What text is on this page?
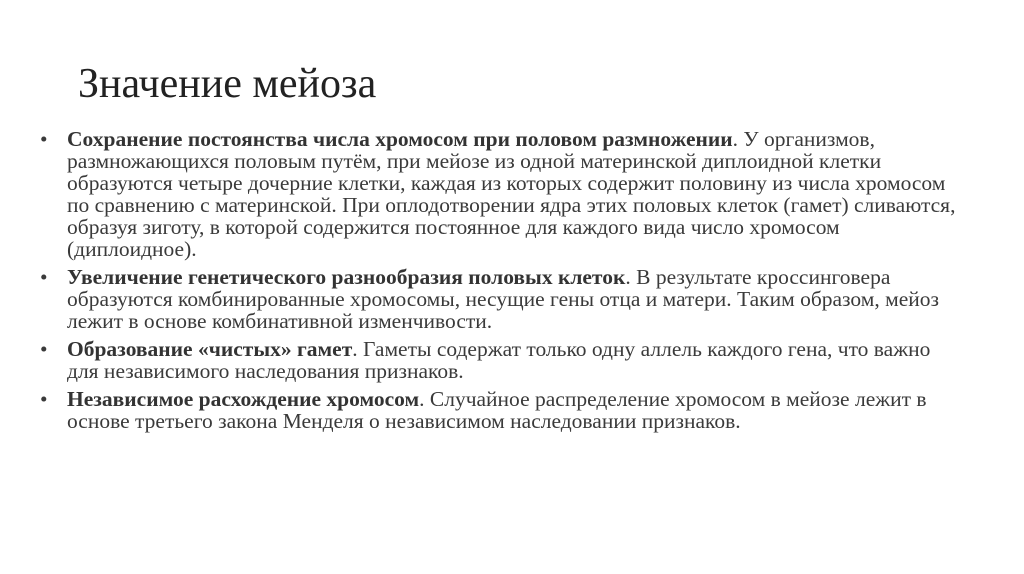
Значение мейоза
• Сохранение постоянства числа хромосом при половом размножении. У организмов, размножающихся половым путём, при мейозе из одной материнской диплоидной клетки образуются четыре дочерние клетки, каждая из которых содержит половину из числа хромосом по сравнению с материнской. При оплодотворении ядра этих половых клеток (гамет) сливаются, образуя зиготу, в которой содержится постоянное для каждого вида число хромосом (диплоидное).
• Увеличение генетического разнообразия половых клеток. В результате кроссинговера образуются комбинированные хромосомы, несущие гены отца и матери. Таким образом, мейоз лежит в основе комбинативной изменчивости.
• Образование «чистых» гамет. Гаметы содержат только одну аллель каждого гена, что важно для независимого наследования признаков.
• Независимое расхождение хромосом. Случайное распределение хромосом в мейозе лежит в основе третьего закона Менделя о независимом наследовании признаков.
